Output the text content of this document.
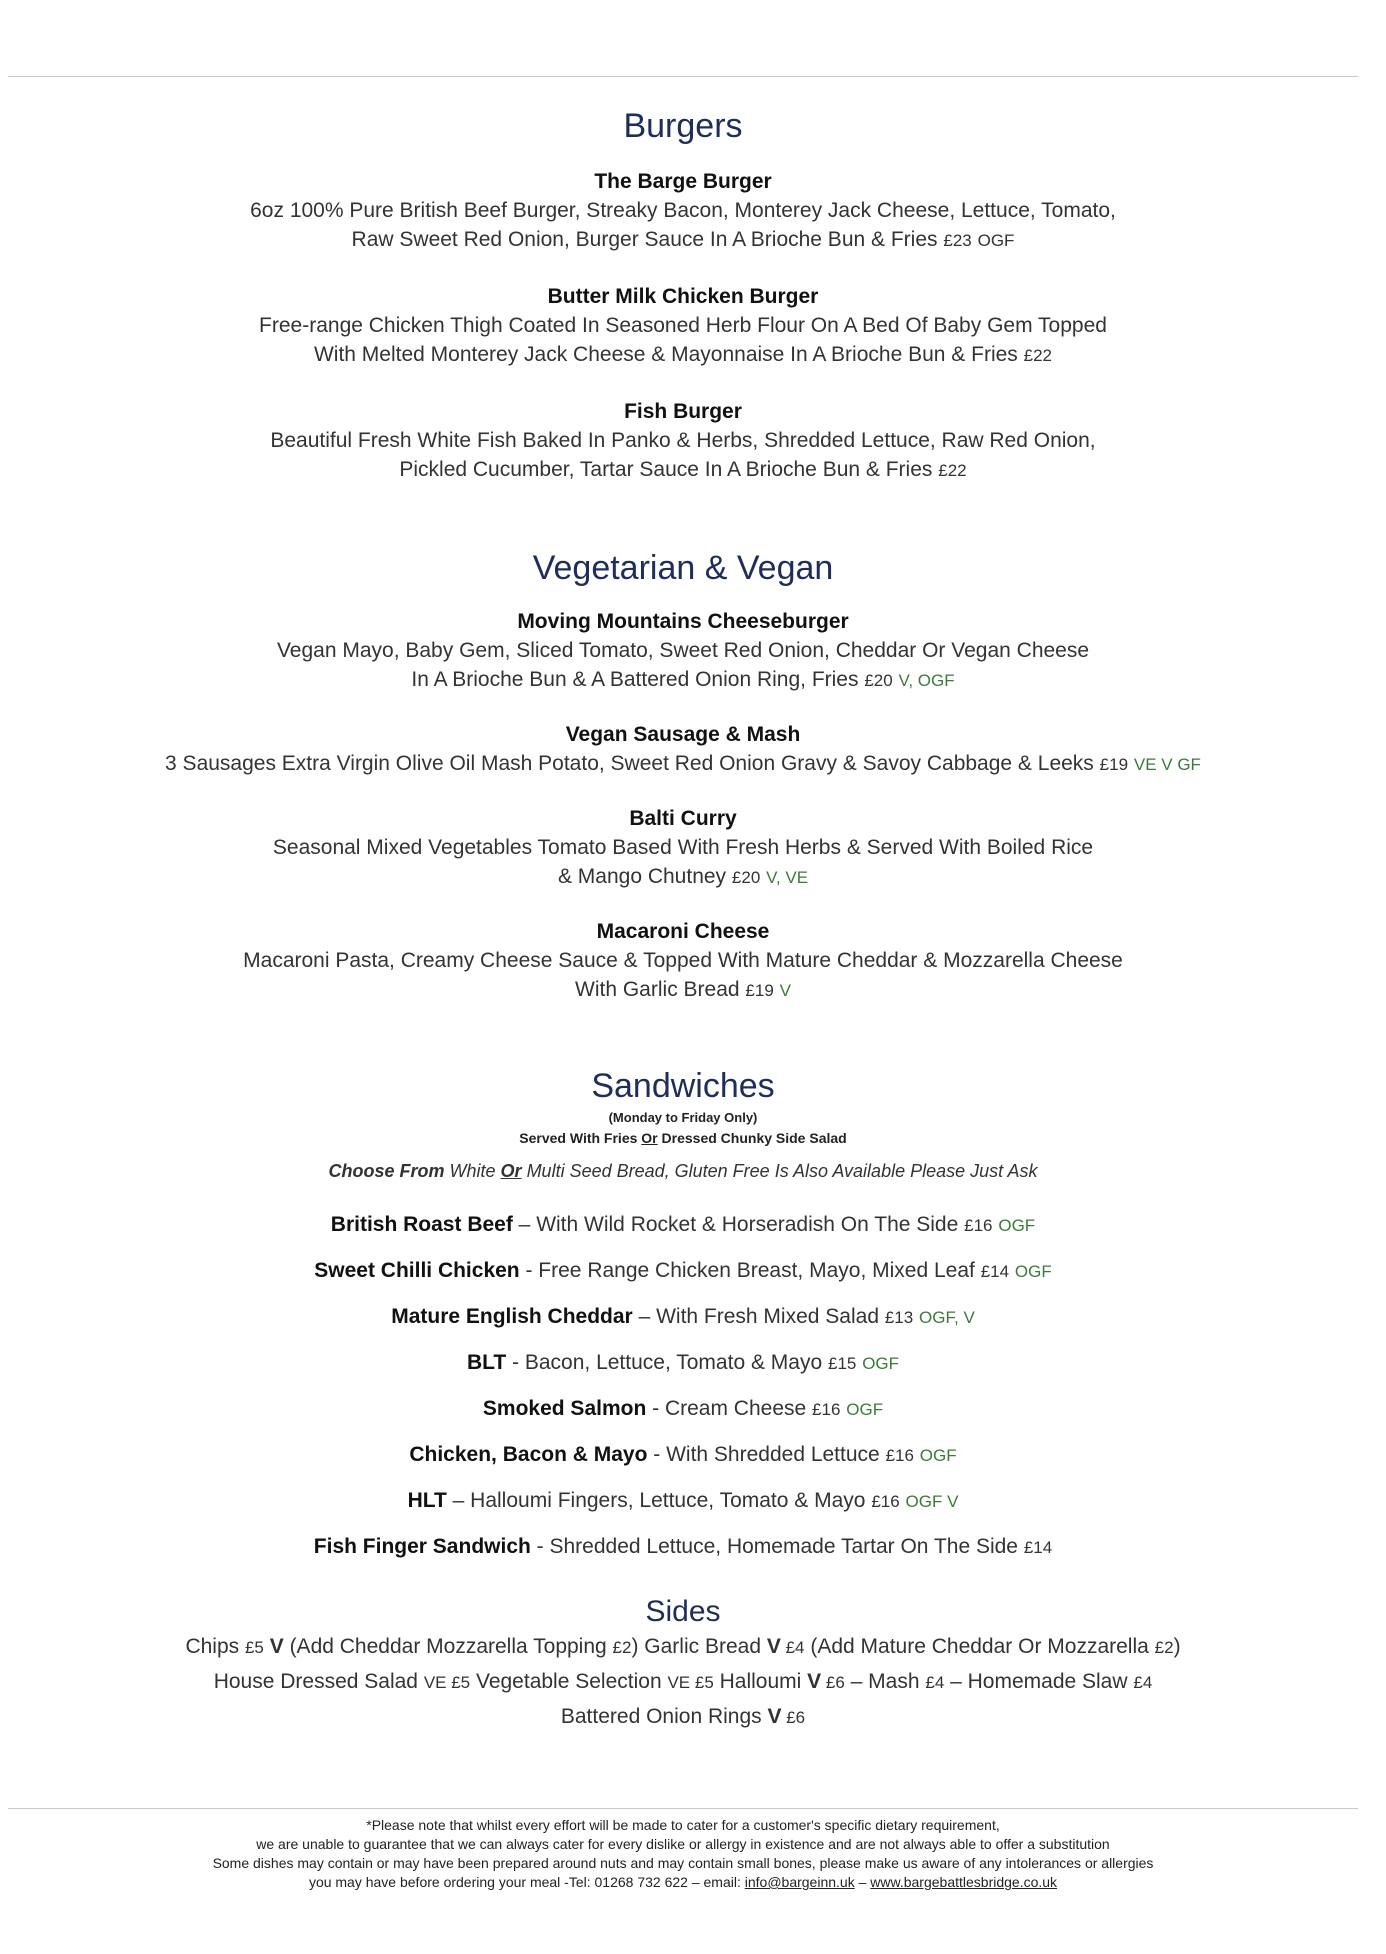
Burgers
The Barge Burger
6oz 100% Pure British Beef Burger, Streaky Bacon, Monterey Jack Cheese, Lettuce, Tomato,
Raw Sweet Red Onion, Burger Sauce In A Brioche Bun & Fries £23 OGF
Butter Milk Chicken Burger
Free-range Chicken Thigh Coated In Seasoned Herb Flour On A Bed Of Baby Gem Topped
With Melted Monterey Jack Cheese & Mayonnaise In A Brioche Bun & Fries £22
Fish Burger
Beautiful Fresh White Fish Baked In Panko & Herbs, Shredded Lettuce, Raw Red Onion,
Pickled Cucumber, Tartar Sauce In A Brioche Bun & Fries £22
Vegetarian & Vegan
Moving Mountains Cheeseburger
Vegan Mayo, Baby Gem, Sliced Tomato, Sweet Red Onion, Cheddar Or Vegan Cheese
In A Brioche Bun & A Battered Onion Ring, Fries £20 V, OGF
Vegan Sausage & Mash
3 Sausages Extra Virgin Olive Oil Mash Potato, Sweet Red Onion Gravy & Savoy Cabbage & Leeks £19 VE V GF
Balti Curry
Seasonal Mixed Vegetables Tomato Based With Fresh Herbs & Served With Boiled Rice
& Mango Chutney £20 V, VE
Macaroni Cheese
Macaroni Pasta, Creamy Cheese Sauce & Topped With Mature Cheddar & Mozzarella Cheese
With Garlic Bread £19 V
Sandwiches
(Monday to Friday Only)
Served With Fries Or Dressed Chunky Side Salad
Choose From White Or Multi Seed Bread, Gluten Free Is Also Available Please Just Ask
British Roast Beef – With Wild Rocket & Horseradish On The Side £16 OGF
Sweet Chilli Chicken - Free Range Chicken Breast, Mayo, Mixed Leaf £14 OGF
Mature English Cheddar – With Fresh Mixed Salad £13 OGF, V
BLT - Bacon, Lettuce, Tomato & Mayo £15 OGF
Smoked Salmon - Cream Cheese £16 OGF
Chicken, Bacon & Mayo - With Shredded Lettuce £16 OGF
HLT – Halloumi Fingers, Lettuce, Tomato & Mayo £16 OGF V
Fish Finger Sandwich - Shredded Lettuce, Homemade Tartar On The Side £14
Sides
Chips £5 V (Add Cheddar Mozzarella Topping £2) Garlic Bread V £4 (Add Mature Cheddar Or Mozzarella £2)
House Dressed Salad VE £5 Vegetable Selection VE £5 Halloumi V £6 – Mash £4 – Homemade Slaw £4
Battered Onion Rings V £6
*Please note that whilst every effort will be made to cater for a customer's specific dietary requirement,
we are unable to guarantee that we can always cater for every dislike or allergy in existence and are not always able to offer a substitution
Some dishes may contain or may have been prepared around nuts and may contain small bones, please make us aware of any intolerances or allergies
you may have before ordering your meal -Tel: 01268 732 622 – email: info@bargeinn.uk – www.bargebattlesbridge.co.uk
